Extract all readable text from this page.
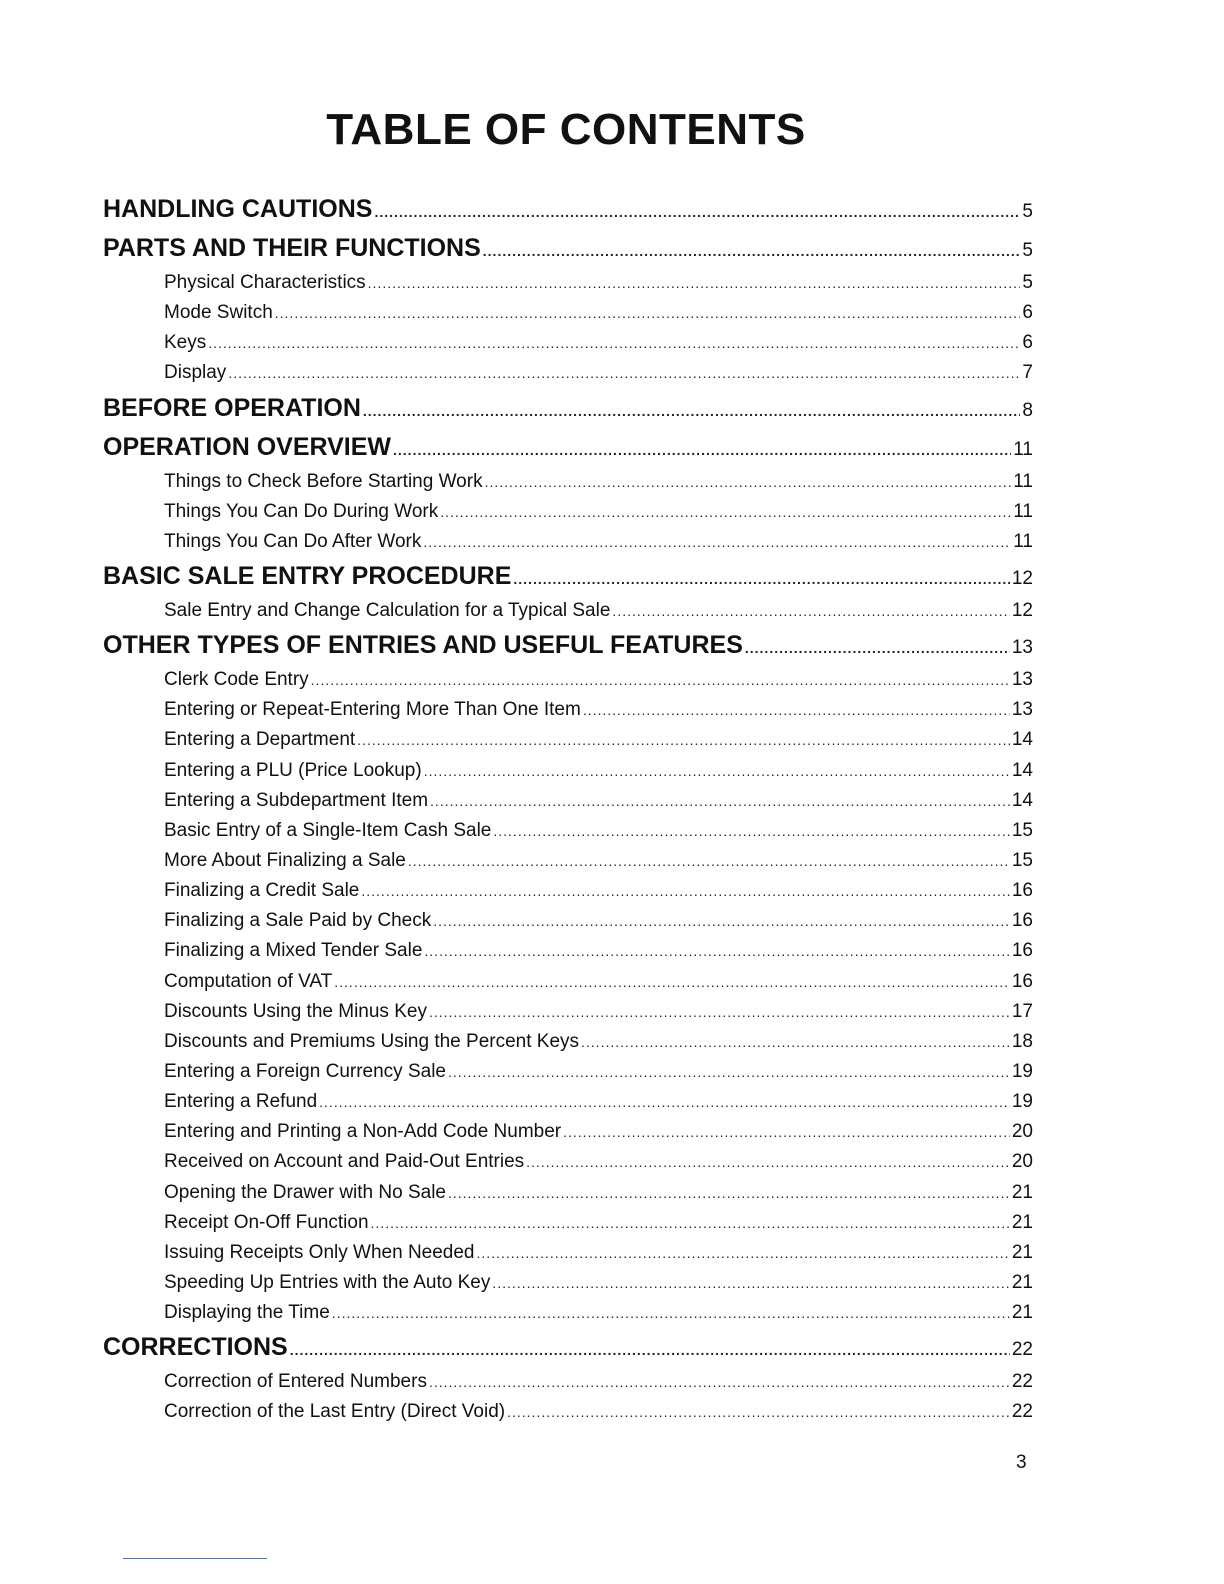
TABLE OF CONTENTS
HANDLING CAUTIONS .....	5
PARTS AND THEIR FUNCTIONS .....	5
Physical Characteristics .....	5
Mode Switch .....	6
Keys .....	6
Display .....	7
BEFORE OPERATION .....	8
OPERATION OVERVIEW .....	11
Things to Check Before Starting Work .....	11
Things You Can Do During Work .....	11
Things You Can Do After Work .....	11
BASIC SALE ENTRY PROCEDURE .....	12
Sale Entry and Change Calculation for a Typical Sale .....	12
OTHER TYPES OF ENTRIES AND USEFUL FEATURES .....	13
Clerk Code Entry .....	13
Entering or Repeat-Entering More Than One Item .....	13
Entering a Department .....	14
Entering a PLU (Price Lookup) .....	14
Entering a Subdepartment Item .....	14
Basic Entry of a Single-Item Cash Sale .....	15
More About Finalizing a Sale .....	15
Finalizing a Credit Sale .....	16
Finalizing a Sale Paid by Check .....	16
Finalizing a Mixed Tender Sale .....	16
Computation of VAT .....	16
Discounts Using the Minus Key .....	17
Discounts and Premiums Using the Percent Keys .....	18
Entering a Foreign Currency Sale .....	19
Entering a Refund .....	19
Entering and Printing a Non-Add Code Number .....	20
Received on Account and Paid-Out Entries .....	20
Opening the Drawer with No Sale .....	21
Receipt On-Off Function .....	21
Issuing Receipts Only When Needed .....	21
Speeding Up Entries with the Auto Key .....	21
Displaying the Time .....	21
CORRECTIONS .....	22
Correction of Entered Numbers .....	22
Correction of the Last Entry (Direct Void) .....	22
3
